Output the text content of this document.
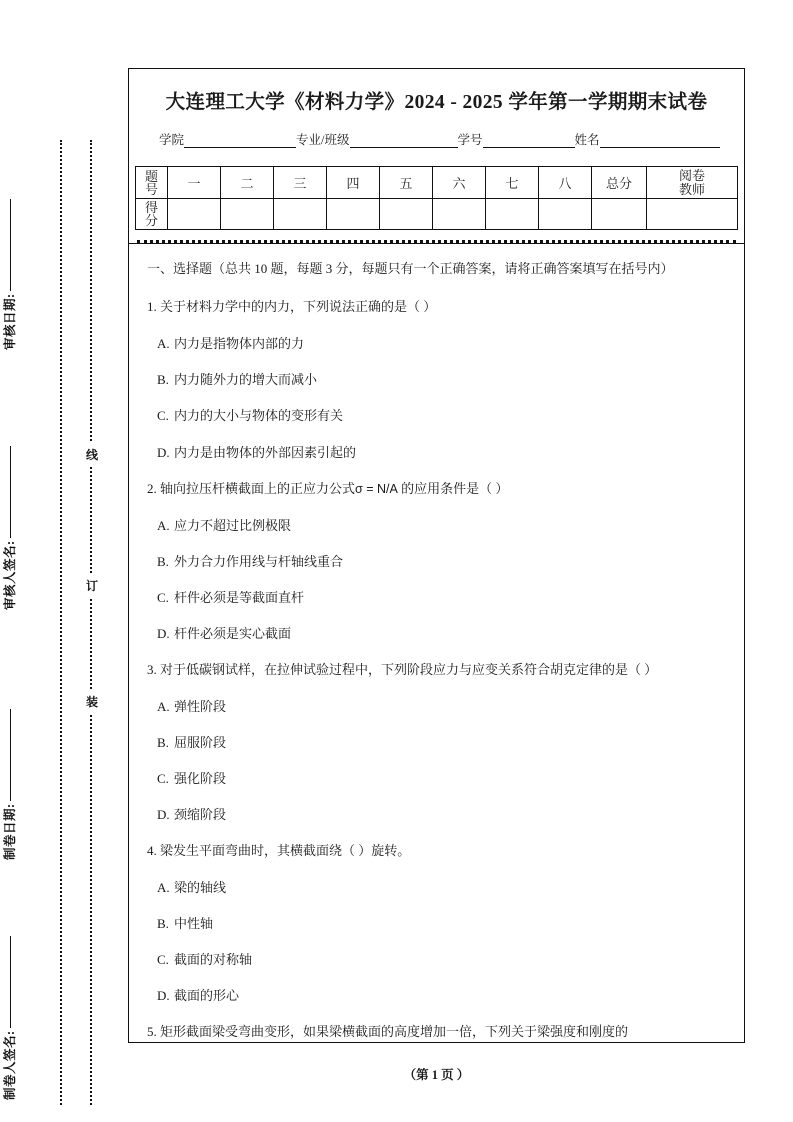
审核日期:
审核人签名:
制卷日期:
制卷人签名:
线
订
装
大连理工大学《材料力学》2024 - 2025 学年第一学期期末试卷
学院	专业/班级	学号	姓名
题
号	一	二	三	四	五	六	七	八	总分	阅卷
教师

得
分										

一、选择题（总共 10 题，每题 3 分，每题只有一个正确答案，请将正确答案填写在括号内）

1. 关于材料力学中的内力，下列说法正确的是（ ）

A. 内力是指物体内部的力

B. 内力随外力的增大而减小

C. 内力的大小与物体的变形有关

D. 内力是由物体的外部因素引起的

2. 轴向拉压杆横截面上的正应力公式σ = N/A 的应用条件是（ ）

A. 应力不超过比例极限

B. 外力合力作用线与杆轴线重合

C. 杆件必须是等截面直杆

D. 杆件必须是实心截面

3. 对于低碳钢试样，在拉伸试验过程中，下列阶段应力与应变关系符合胡克定律的是（ ）

A. 弹性阶段

B. 屈服阶段

C. 强化阶段

D. 颈缩阶段

4. 梁发生平面弯曲时，其横截面绕（ ）旋转。

A. 梁的轴线

B. 中性轴

C. 截面的对称轴

D. 截面的形心

5. 矩形截面梁受弯曲变形，如果梁横截面的高度增加一倍，下列关于梁强度和刚度的

（第 1 页 ）
